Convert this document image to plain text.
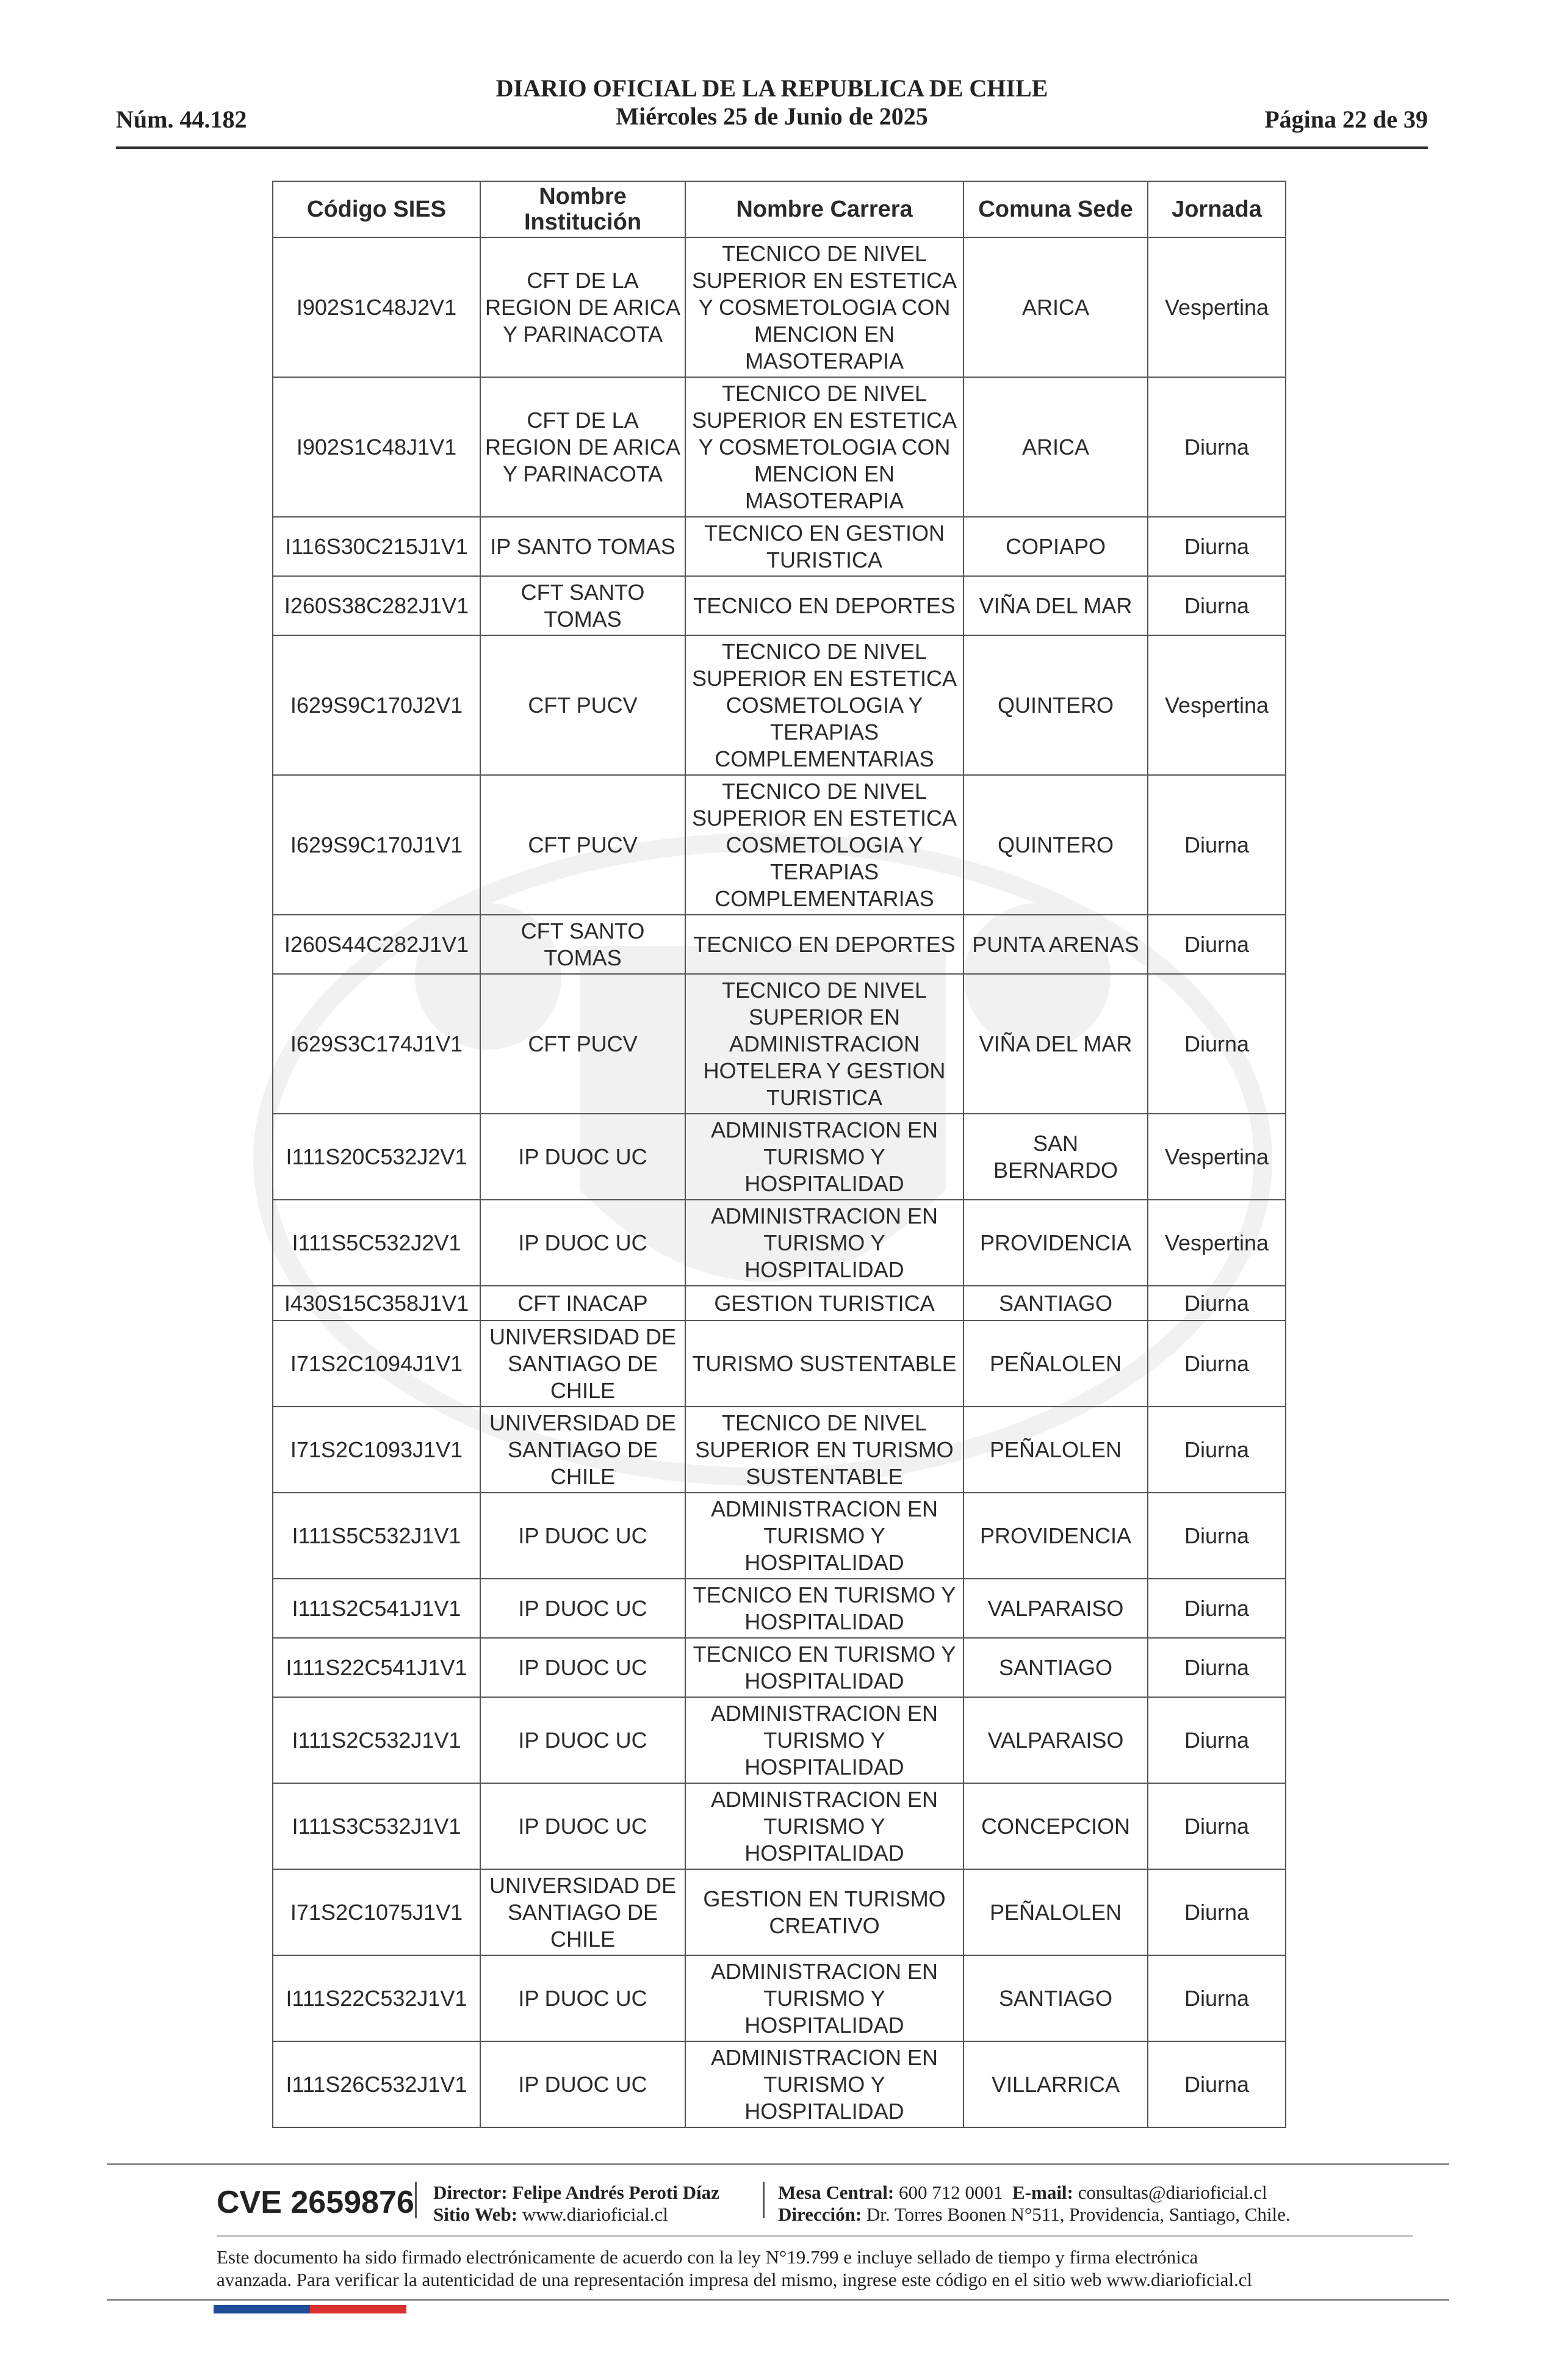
Núm. 44.182
DIARIO OFICIAL DE LA REPUBLICA DE CHILE
Miércoles 25 de Junio de 2025	Página 22 de 39
Código SIES	Nombre Institución	Nombre Carrera	Comuna Sede	Jornada
I902S1C48J2V1	CFT DE LA REGION DE ARICA Y PARINACOTA	TECNICO DE NIVEL SUPERIOR EN ESTETICA Y COSMETOLOGIA CON MENCION EN MASOTERAPIA	ARICA	Vespertina
I902S1C48J1V1	CFT DE LA REGION DE ARICA Y PARINACOTA	TECNICO DE NIVEL SUPERIOR EN ESTETICA Y COSMETOLOGIA CON MENCION EN MASOTERAPIA	ARICA	Diurna
I116S30C215J1V1	IP SANTO TOMAS	TECNICO EN GESTION TURISTICA	COPIAPO	Diurna
I260S38C282J1V1	CFT SANTO TOMAS	TECNICO EN DEPORTES	VIÑA DEL MAR	Diurna
I629S9C170J2V1	CFT PUCV	TECNICO DE NIVEL SUPERIOR EN ESTETICA COSMETOLOGIA Y TERAPIAS COMPLEMENTARIAS	QUINTERO	Vespertina
I629S9C170J1V1	CFT PUCV	TECNICO DE NIVEL SUPERIOR EN ESTETICA COSMETOLOGIA Y TERAPIAS COMPLEMENTARIAS	QUINTERO	Diurna
I260S44C282J1V1	CFT SANTO TOMAS	TECNICO EN DEPORTES	PUNTA ARENAS	Diurna
I629S3C174J1V1	CFT PUCV	TECNICO DE NIVEL SUPERIOR EN ADMINISTRACION HOTELERA Y GESTION TURISTICA	VIÑA DEL MAR	Diurna
I111S20C532J2V1	IP DUOC UC	ADMINISTRACION EN TURISMO Y HOSPITALIDAD	SAN BERNARDO	Vespertina
I111S5C532J2V1	IP DUOC UC	ADMINISTRACION EN TURISMO Y HOSPITALIDAD	PROVIDENCIA	Vespertina
I430S15C358J1V1	CFT INACAP	GESTION TURISTICA	SANTIAGO	Diurna
I71S2C1094J1V1	UNIVERSIDAD DE SANTIAGO DE CHILE	TURISMO SUSTENTABLE	PEÑALOLEN	Diurna
I71S2C1093J1V1	UNIVERSIDAD DE SANTIAGO DE CHILE	TECNICO DE NIVEL SUPERIOR EN TURISMO SUSTENTABLE	PEÑALOLEN	Diurna
I111S5C532J1V1	IP DUOC UC	ADMINISTRACION EN TURISMO Y HOSPITALIDAD	PROVIDENCIA	Diurna
I111S2C541J1V1	IP DUOC UC	TECNICO EN TURISMO Y HOSPITALIDAD	VALPARAISO	Diurna
I111S22C541J1V1	IP DUOC UC	TECNICO EN TURISMO Y HOSPITALIDAD	SANTIAGO	Diurna
I111S2C532J1V1	IP DUOC UC	ADMINISTRACION EN TURISMO Y HOSPITALIDAD	VALPARAISO	Diurna
I111S3C532J1V1	IP DUOC UC	ADMINISTRACION EN TURISMO Y HOSPITALIDAD	CONCEPCION	Diurna
I71S2C1075J1V1	UNIVERSIDAD DE SANTIAGO DE CHILE	GESTION EN TURISMO CREATIVO	PEÑALOLEN	Diurna
I111S22C532J1V1	IP DUOC UC	ADMINISTRACION EN TURISMO Y HOSPITALIDAD	SANTIAGO	Diurna
I111S26C532J1V1	IP DUOC UC	ADMINISTRACION EN TURISMO Y HOSPITALIDAD	VILLARRICA	Diurna
CVE 2659876 Director: Felipe Andrés Peroti Díaz
Sitio Web: www.diarioficial.cl
Mesa Central: 600 712 0001 E-mail: consultas@diarioficial.cl
Dirección: Dr. Torres Boonen N°511, Providencia, Santiago, Chile.
Este documento ha sido firmado electrónicamente de acuerdo con la ley N°19.799 e incluye sellado de tiempo y firma electrónica
avanzada. Para verificar la autenticidad de una representación impresa del mismo, ingrese este código en el sitio web www.diarioficial.cl
